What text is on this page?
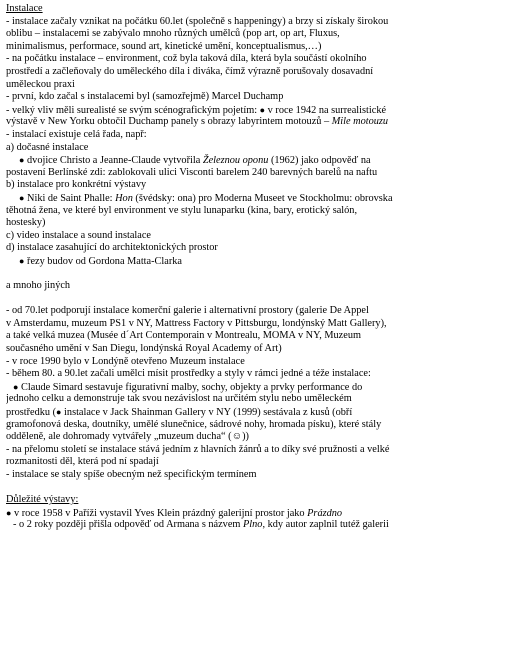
Instalace
- instalace začaly vznikat na počátku 60.let (společně s happeningy) a brzy si získaly širokou
oblibu – instalacemi se zabývalo mnoho různých umělců (pop art, op art, Fluxus,
minimalismus, performace, sound art, kinetické umění, konceptualismus,…)
- na počátku instalace – environment, což byla taková díla, která byla součástí okolního
prostředí a začleňovaly do uměleckého díla i diváka, čímž výrazně porušovaly dosavadní
uměleckou praxi
- první, kdo začal s instalacemi byl (samozřejmě) Marcel Duchamp
- velký vliv měli surealisté se svým scénografickým pojetím: ● v roce 1942 na surrealistické
výstavě v New Yorku obtočil Duchamp panely s obrazy labyrintem motouzů – Mile motouzu
- instalací existuje celá řada, např:
a) dočasné instalace
● dvojice Christo a Jeanne-Claude vytvořila Železnou oponu (1962) jako odpověď na
postavení Berlínské zdi: zablokovali ulici Visconti barelem 240 barevných barelů na naftu
b) instalace pro konkrétní výstavy
● Niki de Saint Phalle: Hon (švédsky: ona) pro Moderna Museet ve Stockholmu: obrovska
těhotná žena, ve které byl environment ve stylu lunaparku (kina, bary, erotický salón,
hostesky)
c) video instalace a sound instalace
d) instalace zasahující do architektonických prostor
● řezy budov od Gordona Matta-Clarka
a mnoho jiných
- od 70.let podporují instalace komerční galerie i alternativní prostory (galerie De Appel
v Amsterdamu, muzeum PS1 v NY, Mattress Factory v Pittsburgu, londýnský Matt Gallery),
a také velká muzea (Musée d´Art Contemporain v Montrealu, MOMA v NY, Muzeum
současného umění v San Diegu, londýnská Royal Academy of Art)
- v roce 1990 bylo v Londýně otevřeno Muzeum instalace
- během 80. a 90.let začali umělci mísit prostředky a styly v rámci jedné a téže instalace:
● Claude Simard sestavuje figurativní malby, sochy, objekty a prvky performance do
jednoho celku a demonstruje tak svou nezávislost na určitém stylu nebo uměleckém
prostředku (● instalace v Jack Shainman Gallery v NY (1999) sestávala z kusů (obří
gramofonová deska, doutníky, umělé slunečnice, sádrové nohy, hromada písku), které stály
odděleně, ale dohromady vytvářely „muzeum ducha“ (☺))
- na přelomu století se instalace stává jedním z hlavních žánrů a to díky své pružnosti a velké
rozmanitosti děl, která pod ní spadají
- instalace se staly spíše obecným než specifickým termínem
Důležité výstavy:
● v roce 1958 v Paříži vystavil Yves Klein prázdný galerijní prostor jako Prázdno
- o 2 roky později přišla odpověď od Armana s názvem Plno, kdy autor zaplnil tutéž galerii
